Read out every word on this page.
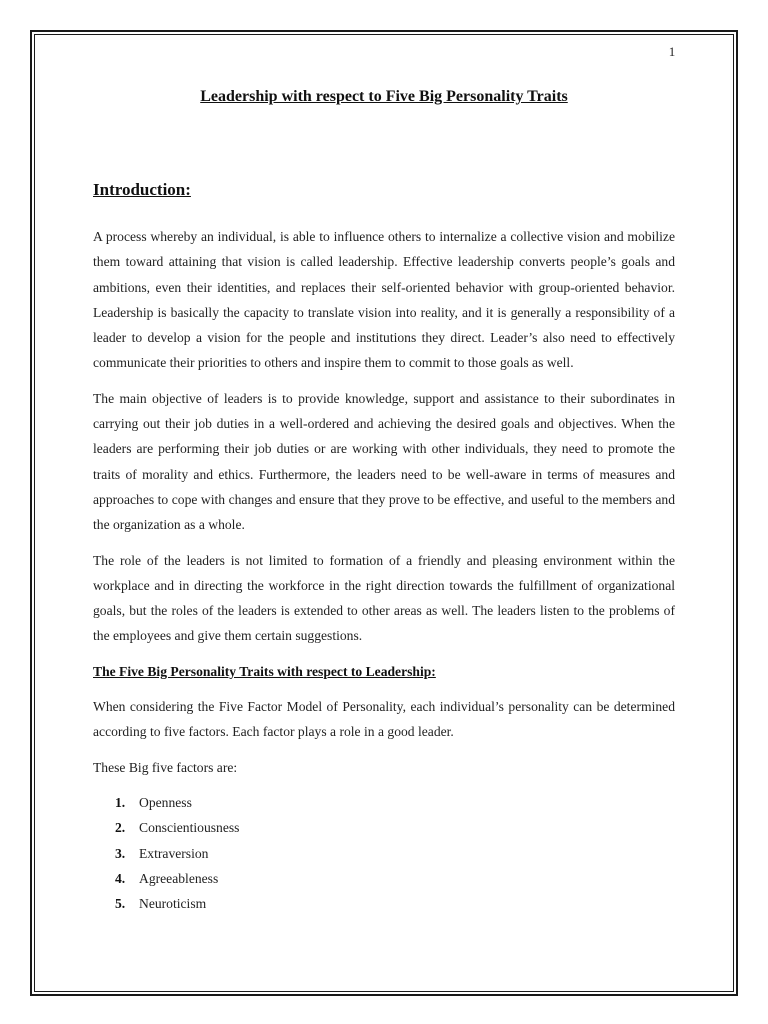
1
Leadership with respect to Five Big Personality Traits
Introduction:

A process whereby an individual, is able to influence others to internalize a collective vision and mobilize them toward attaining that vision is called leadership. Effective leadership converts people’s goals and ambitions, even their identities, and replaces their self-oriented behavior with group-oriented behavior. Leadership is basically the capacity to translate vision into reality, and it is generally a responsibility of a leader to develop a vision for the people and institutions they direct. Leader’s also need to effectively communicate their priorities to others and inspire them to commit to those goals as well.

The main objective of leaders is to provide knowledge, support and assistance to their subordinates in carrying out their job duties in a well-ordered and achieving the desired goals and objectives. When the leaders are performing their job duties or are working with other individuals, they need to promote the traits of morality and ethics. Furthermore, the leaders need to be well-aware in terms of measures and approaches to cope with changes and ensure that they prove to be effective, and useful to the members and the organization as a whole.

The role of the leaders is not limited to formation of a friendly and pleasing environment within the workplace and in directing the workforce in the right direction towards the fulfillment of organizational goals, but the roles of the leaders is extended to other areas as well. The leaders listen to the problems of the employees and give them certain suggestions.

The Five Big Personality Traits with respect to Leadership:

When considering the Five Factor Model of Personality, each individual’s personality can be determined according to five factors. Each factor plays a role in a good leader.

These Big five factors are:

1.	Openness
2.	Conscientiousness
3.	Extraversion
4.	Agreeableness
5.	Neuroticism
